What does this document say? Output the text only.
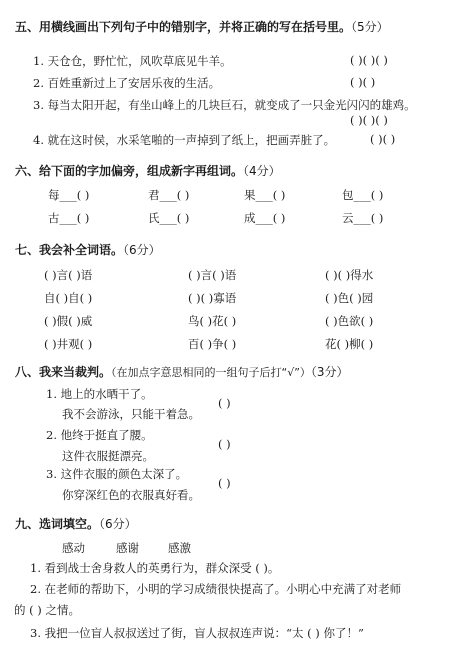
五、用横线画出下列句子中的错别字，并将正确的写在括号里。（5分）
1. 天仓仓，野忙忙，风吹草底见牛羊。	( )( )( )
2. 百姓重新过上了安居乐夜的生活。	( )( )
3. 每当太阳开起，有坐山峰上的几块巨石，就变成了一只金光闪闪的雄鸡。
( )( )( )
4. 就在这时侯，水采笔啪的一声掉到了纸上，把画弄脏了。	( )( )
六、给下面的字加偏旁，组成新字再组词。（4分）
每___( )	君___( )	果___( )	包___( )
古___( )	氏___( )	成___( )	云___( )
七、我会补全词语。（6分）
( )言( )语	( )言( )语	( )( )得水
自( )自( )	( )( )寡语	( )色( )园
( )假( )威	鸟( )花( )	( )色欲( )
( )井观( )	百( )争( )	花( )柳( )
八、我来当裁判。（在加点字意思相同的一组句子后打“√”）（3分）
1. 地上的水晒干了。
我不会游泳，只能干着急。
( )
2. 他终于挺直了腰。
这件衣服挺漂亮。
( )
3. 这件衣服的颜色太深了。
你穿深红色的衣服真好看。
( )
九、选词填空。（6分）
感动	感谢	感激
1. 看到战士舍身救人的英勇行为，群众深受 ( )。
2. 在老师的帮助下，小明的学习成绩很快提高了。小明心中充满了对老师
的 ( ) 之情。
3. 我把一位盲人叔叔送过了街，盲人叔叔连声说：“太 ( ) 你了！”
